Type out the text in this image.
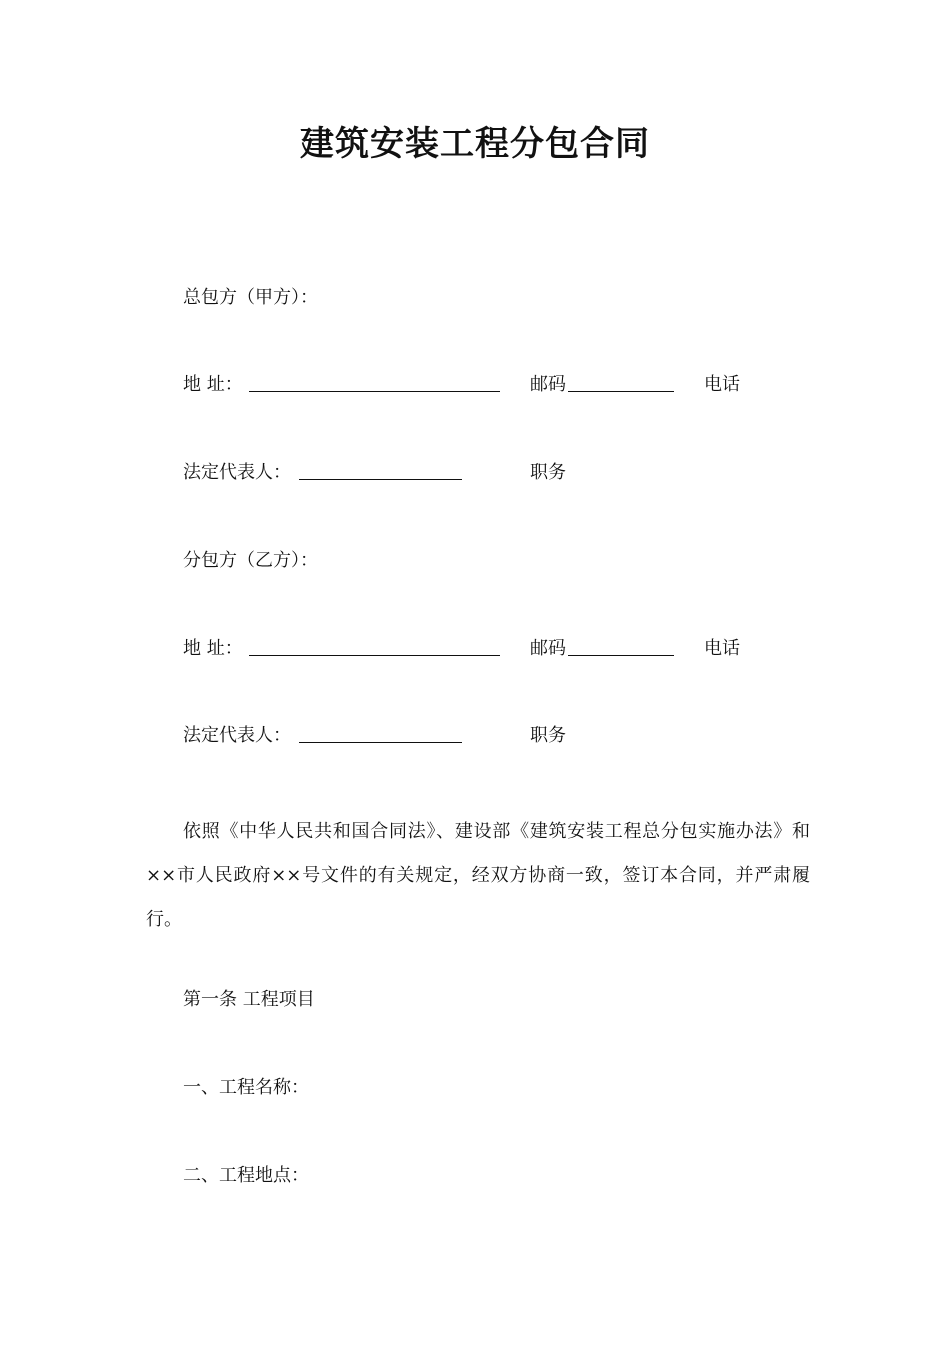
建筑安装工程分包合同
总包方（甲方）：
地 址：	邮码	电话
法定代表人：	职务
分包方（乙方）：
地 址：	邮码	电话
法定代表人：	职务

依照《中华人民共和国合同法》、建设部《建筑安装工程总分包实施办法》和××市人民政府××号文件的有关规定，经双方协商一致，签订本合同，并严肃履行。

第一条 工程项目
一、工程名称：
二、工程地点：
